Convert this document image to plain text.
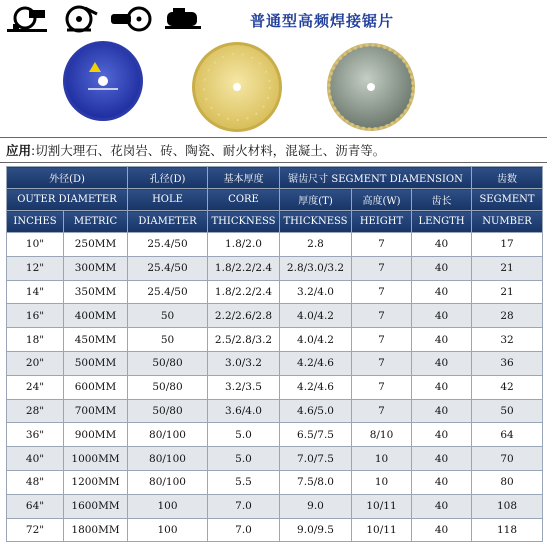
普通型高频焊接锯片
应用:切割大理石、花岗岩、砖、陶瓷、耐火材料，混凝土、沥青等。
外径(D)		孔径(D)	基本厚度	锯齿尺寸 SEGMENT DIAMENSION			齿数
OUTER DIAMETER		HOLE	CORE	厚度(T)	高度(W)	齿长	SEGMENT
INCHES	METRIC	DIAMETER	THICKNESS	THICKNESS	HEIGHT	LENGTH	NUMBER
10"	250MM	25.4/50	1.8/2.0	2.8	7	40	17
12"	300MM	25.4/50	1.8/2.2/2.4	2.8/3.0/3.2	7	40	21
14"	350MM	25.4/50	1.8/2.2/2.4	3.2/4.0	7	40	21
16"	400MM	50	2.2/2.6/2.8	4.0/4.2	7	40	28
18"	450MM	50	2.5/2.8/3.2	4.0/4.2	7	40	32
20"	500MM	50/80	3.0/3.2	4.2/4.6	7	40	36
24"	600MM	50/80	3.2/3.5	4.2/4.6	7	40	42
28"	700MM	50/80	3.6/4.0	4.6/5.0	7	40	50
36"	900MM	80/100	5.0	6.5/7.5	8/10	40	64
40"	1000MM	80/100	5.0	7.0/7.5	10	40	70
48"	1200MM	80/100	5.5	7.5/8.0	10	40	80
64"	1600MM	100	7.0	9.0	10/11	40	108
72"	1800MM	100	7.0	9.0/9.5	10/11	40	118
